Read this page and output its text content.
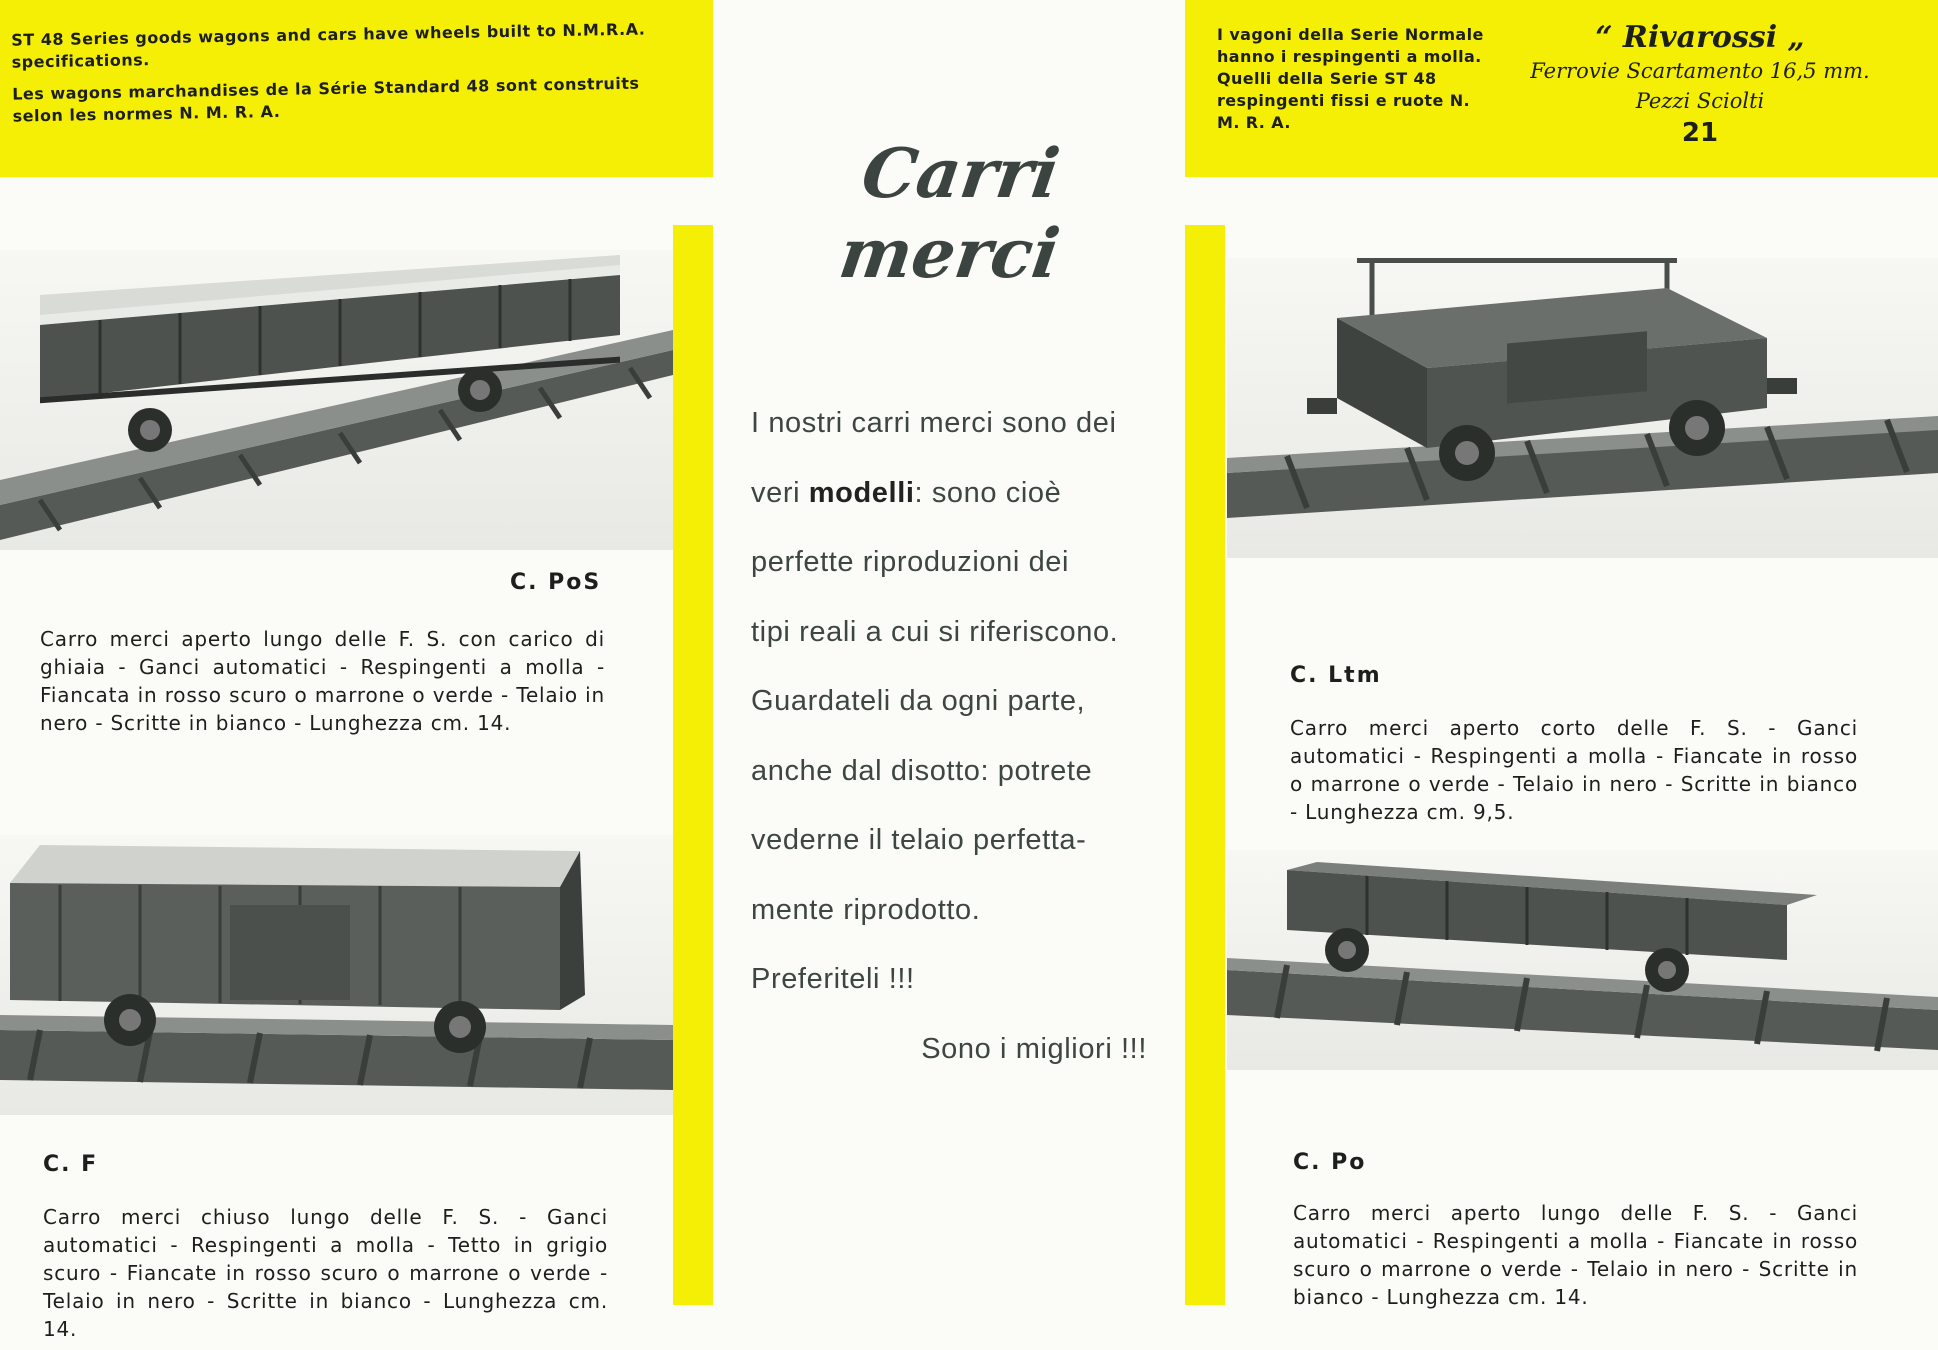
ST 48 Series goods wagons and cars have wheels built to N.M.R.A. specifications.

Les wagons marchandises de la Série Standard 48 sont construits selon les normes N. M. R. A.

I vagoni della Serie Normale hanno i respingenti a molla. Quelli della Serie ST 48 respingenti fissi e ruote N. M. R. A.
“ Rivarossi „
Ferrovie Scartamento 16,5 mm.
Pezzi Sciolti
21
Carri merci

I nostri carri merci sono dei

veri modelli: sono cioè

perfette riproduzioni dei

tipi reali a cui si riferiscono.

Guardateli da ogni parte,

anche dal disotto: potrete

vederne il telaio perfetta-

mente riprodotto.

Preferiteli !!!

Sono i migliori !!!

C. PoS
Carro merci aperto lungo delle F. S. con carico di ghiaia - Ganci automatici - Respingenti a molla - Fiancata in rosso scuro o marrone o verde - Telaio in nero - Scritte in bianco - Lunghezza cm. 14.
C. Ltm
Carro merci aperto corto delle F. S. - Ganci automatici - Respingenti a molla - Fiancate in rosso o marrone o verde - Telaio in nero - Scritte in bianco - Lunghezza cm. 9,5.
C. F
Carro merci chiuso lungo delle F. S. - Ganci automatici - Respingenti a molla - Tetto in grigio scuro - Fiancate in rosso scuro o marrone o verde - Telaio in nero - Scritte in bianco - Lunghezza cm. 14.
C. Po
Carro merci aperto lungo delle F. S. - Ganci automatici - Respingenti a molla - Fiancate in rosso scuro o marrone o verde - Telaio in nero - Scritte in bianco - Lunghezza cm. 14.
